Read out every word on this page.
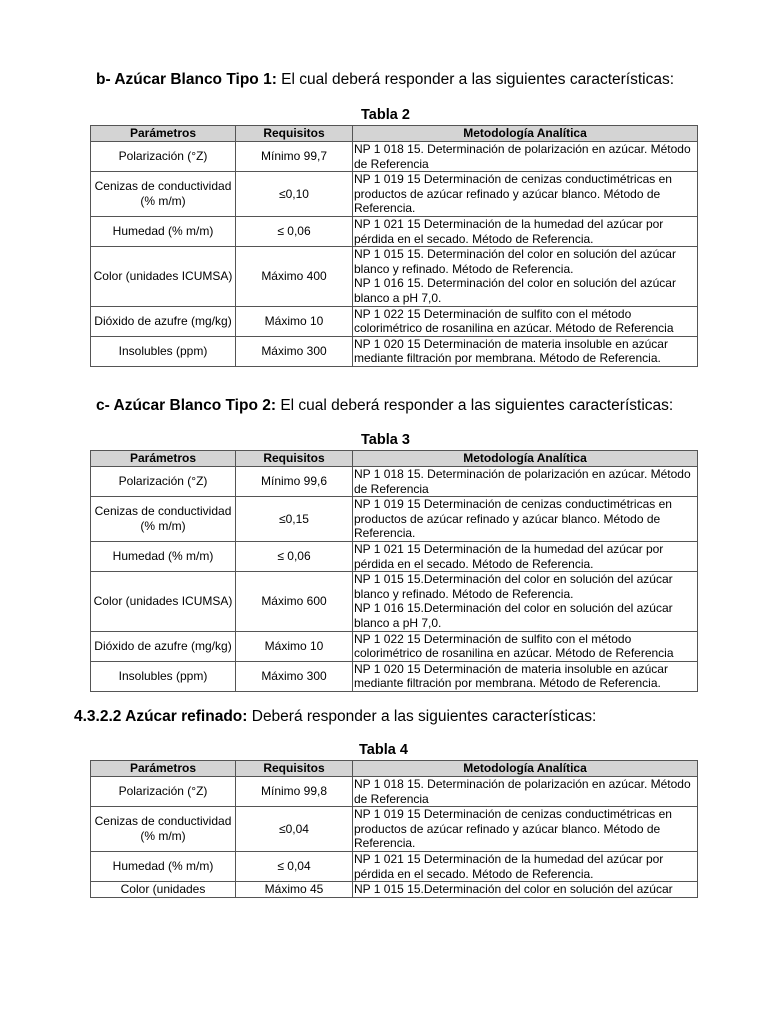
b- Azúcar Blanco Tipo 1: El cual deberá responder a las siguientes características:
Tabla 2
Parámetros	Requisitos	Metodología Analítica
Polarización (°Z)	Mínimo 99,7	NP 1 018 15. Determinación de polarización en azúcar. Método de Referencia
Cenizas de conductividad (% m/m)	≤0,10	NP 1 019 15 Determinación de cenizas conductimétricas en productos de azúcar refinado y azúcar blanco. Método de Referencia.
Humedad (% m/m)	≤ 0,06	NP 1 021 15 Determinación de la humedad del azúcar por pérdida en el secado. Método de Referencia.
Color (unidades ICUMSA)	Máximo 400	NP 1 015 15. Determinación del color en solución del azúcar blanco y refinado. Método de Referencia.
NP 1 016 15. Determinación del color en solución del azúcar blanco a pH 7,0.

Dióxido de azufre (mg/kg)	Máximo 10	NP 1 022 15 Determinación de sulfito con el método colorimétrico de rosanilina en azúcar. Método de Referencia
Insolubles (ppm)	Máximo 300	NP 1 020 15 Determinación de materia insoluble en azúcar mediante filtración por membrana. Método de Referencia.
c- Azúcar Blanco Tipo 2: El cual deberá responder a las siguientes características:
Tabla 3
Parámetros	Requisitos	Metodología Analítica
Polarización (°Z)	Mínimo 99,6	NP 1 018 15. Determinación de polarización en azúcar. Método de Referencia
Cenizas de conductividad (% m/m)	≤0,15	NP 1 019 15 Determinación de cenizas conductimétricas en productos de azúcar refinado y azúcar blanco. Método de Referencia.
Humedad (% m/m)	≤ 0,06	NP 1 021 15 Determinación de la humedad del azúcar por pérdida en el secado. Método de Referencia.
Color (unidades ICUMSA)	Máximo 600	NP 1 015 15.Determinación del color en solución del azúcar blanco y refinado. Método de Referencia.
NP 1 016 15.Determinación del color en solución del azúcar blanco a pH 7,0.

Dióxido de azufre (mg/kg)	Máximo 10	NP 1 022 15 Determinación de sulfito con el método colorimétrico de rosanilina en azúcar. Método de Referencia
Insolubles (ppm)	Máximo 300	NP 1 020 15 Determinación de materia insoluble en azúcar mediante filtración por membrana. Método de Referencia.
4.3.2.2 Azúcar refinado: Deberá responder a las siguientes características:
Tabla 4
Parámetros	Requisitos	Metodología Analítica
Polarización (°Z)	Mínimo 99,8	NP 1 018 15. Determinación de polarización en azúcar. Método de Referencia
Cenizas de conductividad (% m/m)	≤0,04	NP 1 019 15 Determinación de cenizas conductimétricas en productos de azúcar refinado y azúcar blanco. Método de Referencia.
Humedad (% m/m)	≤ 0,04	NP 1 021 15 Determinación de la humedad del azúcar por pérdida en el secado. Método de Referencia.
Color (unidades	Máximo 45	NP 1 015 15.Determinación del color en solución del azúcar
